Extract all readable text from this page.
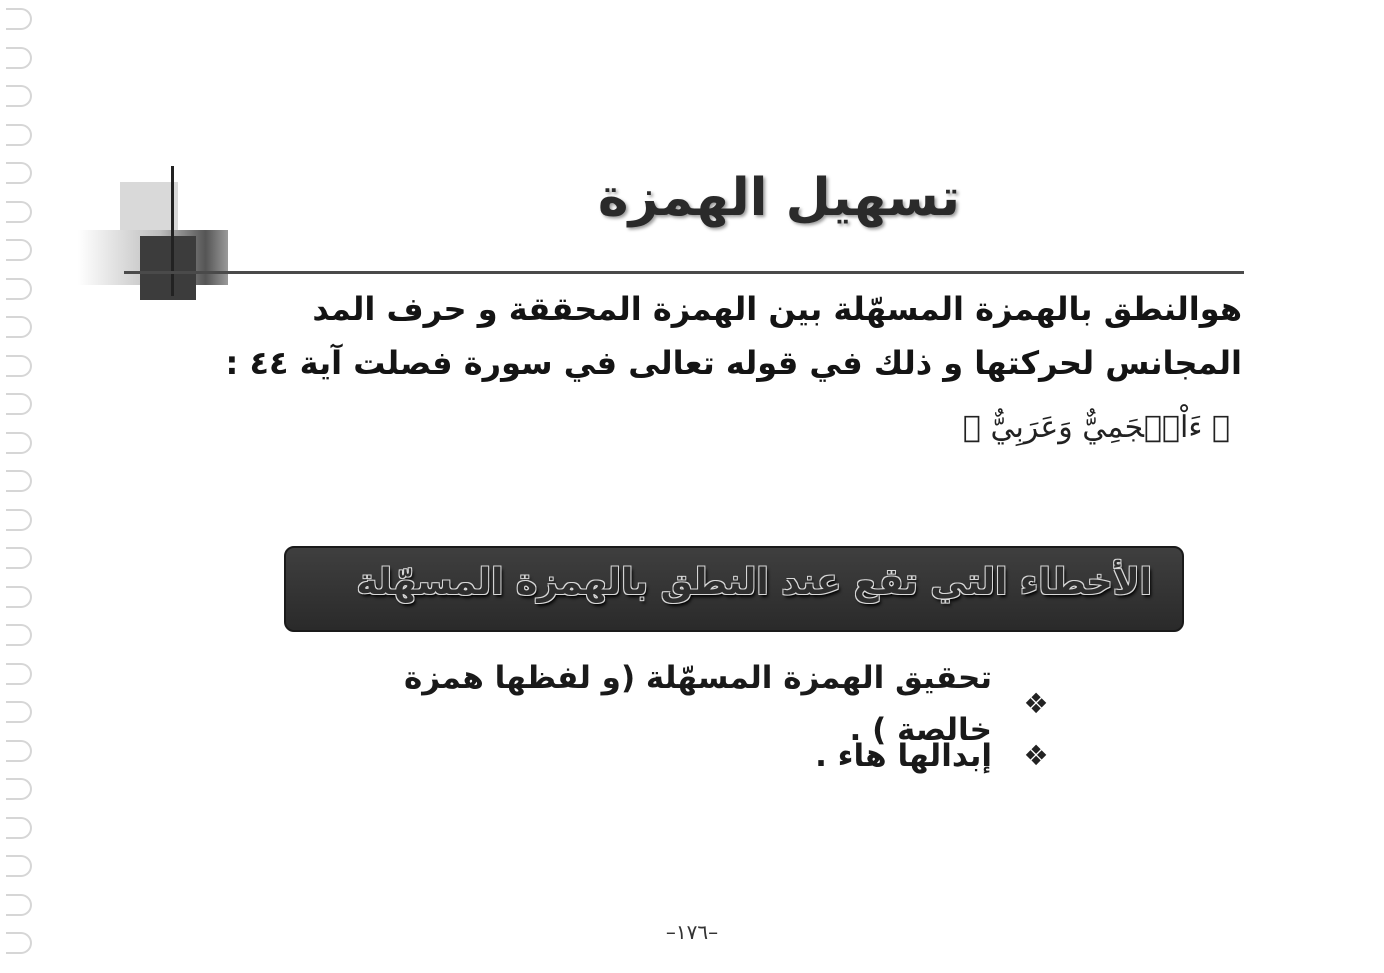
تسهيل الهمزة

هوالنطق بالهمزة المسهّلة بين الهمزة المحققة و حرف المد المجانس لحركتها و ذلك في قوله تعالى في سورة فصلت آية ٤٤ :

﴿ ءَاْعۡجَمِيٌّ وَعَرَبِيٌّ ﴾

الأخطاء التي تقع عند النطق بالهمزة المسهّلة
❖
تحقيق الهمزة المسهّلة (و لفظها همزة خالصة ) .
❖
إبدالها هاء .
–١٧٦–
